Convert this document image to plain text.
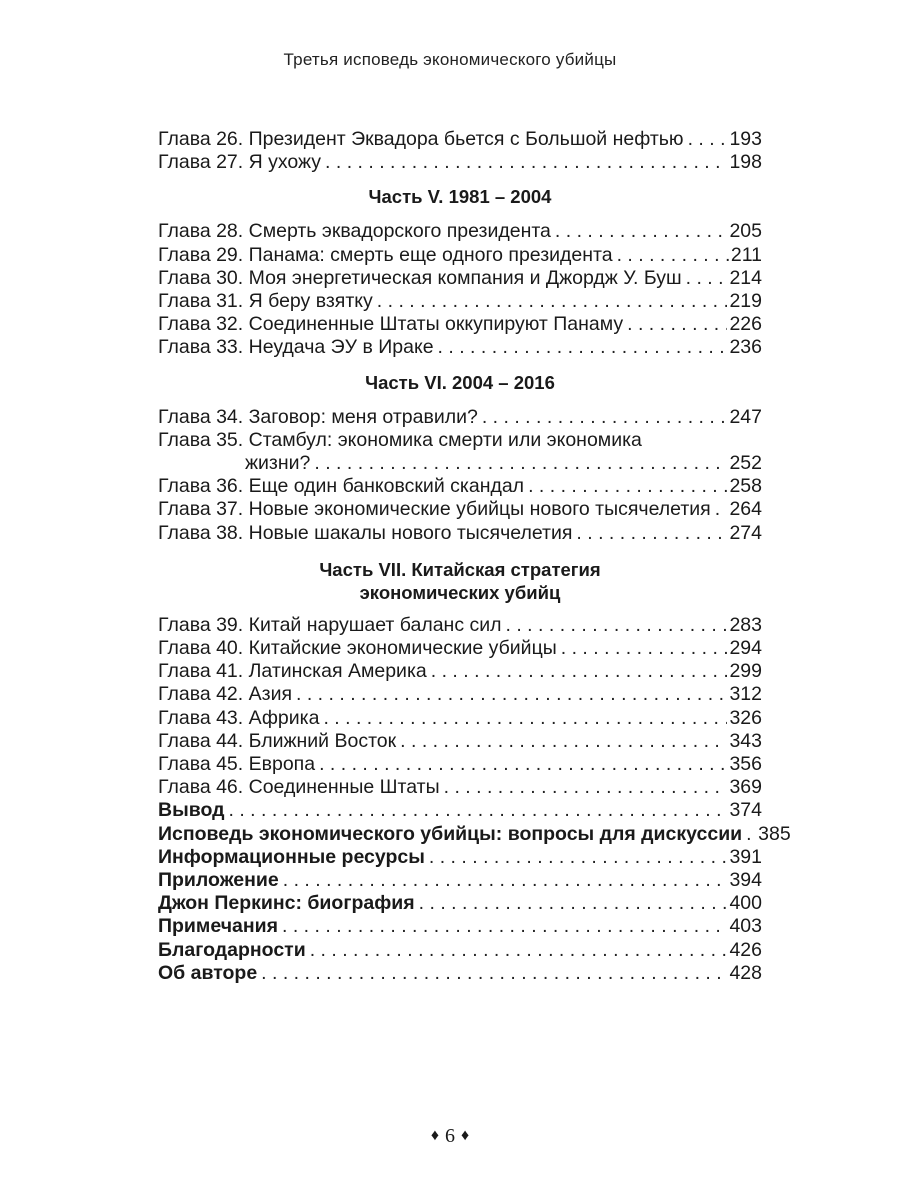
Третья исповедь экономического убийцы
Глава 26. Президент Эквадора бьется с Большой нефтью . . . 193
Глава 27. Я ухожу . . .	198
Часть V. 1981 – 2004
Глава 28. Смерть эквадорского президента . . .	205
Глава 29. Панама: смерть еще одного президента . . .	211
Глава 30. Моя энергетическая компания и Джордж У. Буш . . . 214
Глава 31. Я беру взятку . . .	219
Глава 32. Соединенные Штаты оккупируют Панаму . . .	226
Глава 33. Неудача ЭУ в Ираке . . .	236
Часть VI. 2004 – 2016
Глава 34. Заговор: меня отравили? . . .	247
Глава 35. Стамбул: экономика смерти или экономика
жизни? . . .	252
Глава 36. Еще один банковский скандал . . .	258
Глава 37. Новые экономические убийцы нового тысячелетия . . . 264
Глава 38. Новые шакалы нового тысячелетия . . .	274
Часть VII. Китайская стратегия
экономических убийц
Глава 39. Китай нарушает баланс сил . . .	283
Глава 40. Китайские экономические убийцы . . .	294
Глава 41. Латинская Америка . . .	299
Глава 42. Азия . . .	312
Глава 43. Африка . . .	326
Глава 44. Ближний Восток . . .	343
Глава 45. Европа . . .	356
Глава 46. Соединенные Штаты . . .	369
Вывод . . .	374
Исповедь экономического убийцы: вопросы для дискуссии . . . 385
Информационные ресурсы . . .	391
Приложение . . .	394
Джон Перкинс: биография . . .	400
Примечания . . .	403
Благодарности . . .	426
Об авторе . . .	428
♦ 6 ♦
